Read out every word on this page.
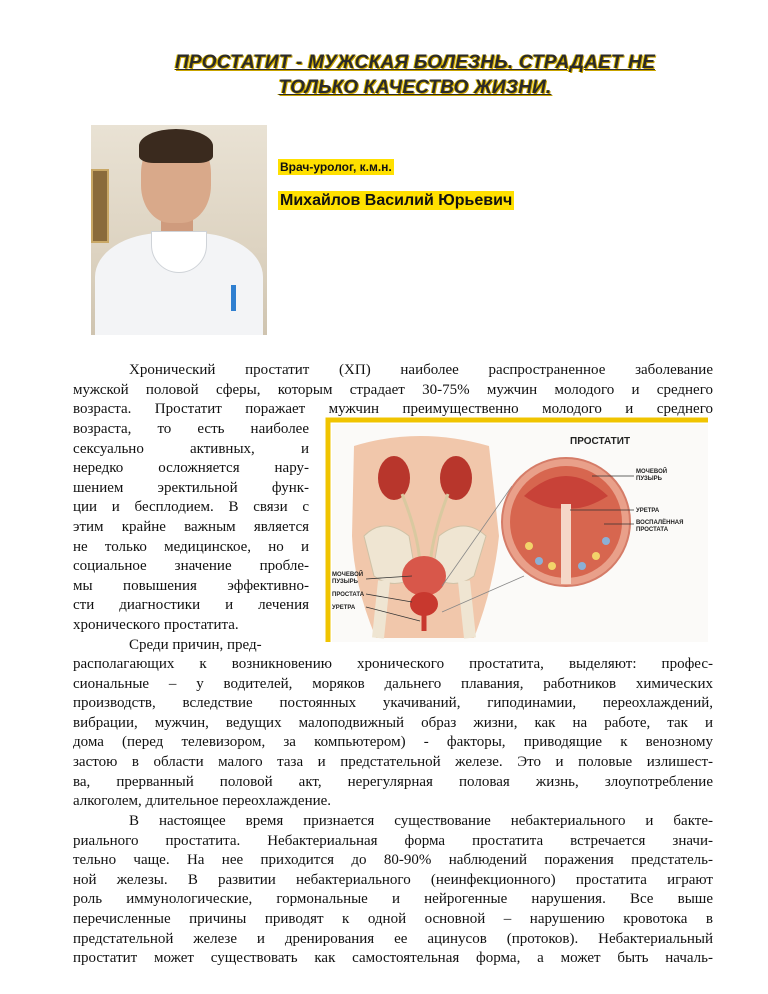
ПРОСТАТИТ - МУЖСКАЯ БОЛЕЗНЬ. СТРАДАЕТ НЕ
ТОЛЬКО КАЧЕСТВО ЖИЗНИ.
Врач-уролог, к.м.н.
Михайлов Василий Юрьевич
Хронический простатит (ХП) наиболее распространенное заболевание
мужской половой сферы, которым страдает 30-75% мужчин молодого и среднего
возраста. Простатит поражает мужчин преимущественно молодого и среднего
возраста, то есть наиболее
сексуально активных, и
нередко осложняется нару-
шением эректильной функ-
ции и бесплодием. В связи с
этим крайне важным является
не только медицинское, но и
социальное значение пробле-
мы повышения эффективно-
сти диагностики и лечения
хронического простатита.
Среди причин, пред-
МОЧЕВОЙ
ПУЗЫРЬ
ПРОСТАТА
УРЕТРА
ПРОСТАТИТ
МОЧЕВОЙ
ПУЗЫРЬ
УРЕТРА
ВОСПАЛЁННАЯ
ПРОСТАТА
располагающих к возникновению хронического простатита, выделяют: профес-
сиональные – у водителей, моряков дальнего плавания, работников химических
производств, вследствие постоянных укачиваний, гиподинамии, переохлаждений,
вибрации, мужчин, ведущих малоподвижный образ жизни, как на работе, так и
дома (перед телевизором, за компьютером) - факторы, приводящие к венозному
застою в области малого таза и предстательной железе. Это и половые излишест-
ва, прерванный половой акт, нерегулярная половая жизнь, злоупотребление
алкоголем, длительное переохлаждение.
В настоящее время признается существование небактериального и бакте-
риального простатита. Небактериальная форма простатита встречается значи-
тельно чаще. На нее приходится до 80-90% наблюдений поражения предстатель-
ной железы. В развитии небактериального (неинфекционного) простатита играют
роль иммунологические, гормональные и нейрогенные нарушения. Все выше
перечисленные причины приводят к одной основной – нарушению кровотока в
предстательной железе и дренирования ее ацинусов (протоков). Небактериальный
простатит может существовать как самостоятельная форма, а может быть началь-
